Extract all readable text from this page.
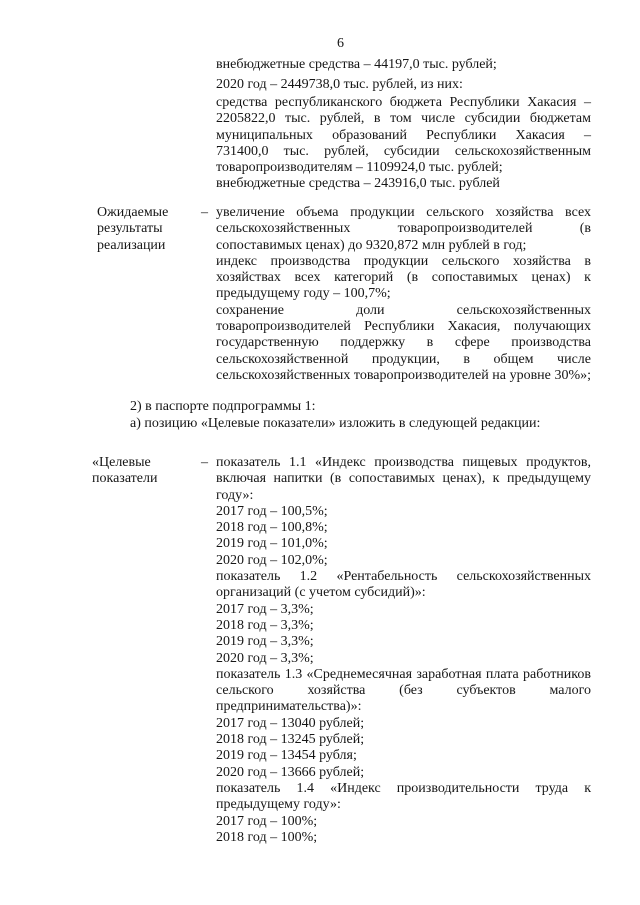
6
внебюджетные средства – 44197,0 тыс. рублей;
2020 год – 2449738,0 тыс. рублей, из них:
средства республиканского бюджета Республики Хакасия –
2205822,0 тыс. рублей, в том числе субсидии бюджетам
муниципальных образований Республики Хакасия –
731400,0 тыс. рублей, субсидии сельскохозяйственным
товаропроизводителям – 1109924,0 тыс. рублей;
внебюджетные средства – 243916,0 тыс. рублей
Ожидаемые
результаты
реализации
– увеличение объема продукции сельского хозяйства всех
сельскохозяйственных товаропроизводителей (в
сопоставимых ценах) до 9320,872 млн рублей в год;
индекс производства продукции сельского хозяйства в
хозяйствах всех категорий (в сопоставимых ценах) к
предыдущему году – 100,7%;
сохранение доли сельскохозяйственных
товаропроизводителей Республики Хакасия, получающих
государственную поддержку в сфере производства
сельскохозяйственной продукции, в общем числе
сельскохозяйственных товаропроизводителей на уровне 30%»;
2) в паспорте подпрограммы 1:
а) позицию «Целевые показатели» изложить в следующей редакции:
«Целевые
показатели
– показатель 1.1 «Индекс производства пищевых продуктов,
включая напитки (в сопоставимых ценах), к предыдущему
году»:
2017 год – 100,5%;
2018 год – 100,8%;
2019 год – 101,0%;
2020 год – 102,0%;
показатель 1.2 «Рентабельность сельскохозяйственных
организаций (с учетом субсидий)»:
2017 год – 3,3%;
2018 год – 3,3%;
2019 год – 3,3%;
2020 год – 3,3%;
показатель 1.3 «Среднемесячная заработная плата работников
сельского хозяйства (без субъектов малого
предпринимательства)»:
2017 год – 13040 рублей;
2018 год – 13245 рублей;
2019 год – 13454 рубля;
2020 год – 13666 рублей;
показатель 1.4 «Индекс производительности труда к
предыдущему году»:
2017 год – 100%;
2018 год – 100%;
